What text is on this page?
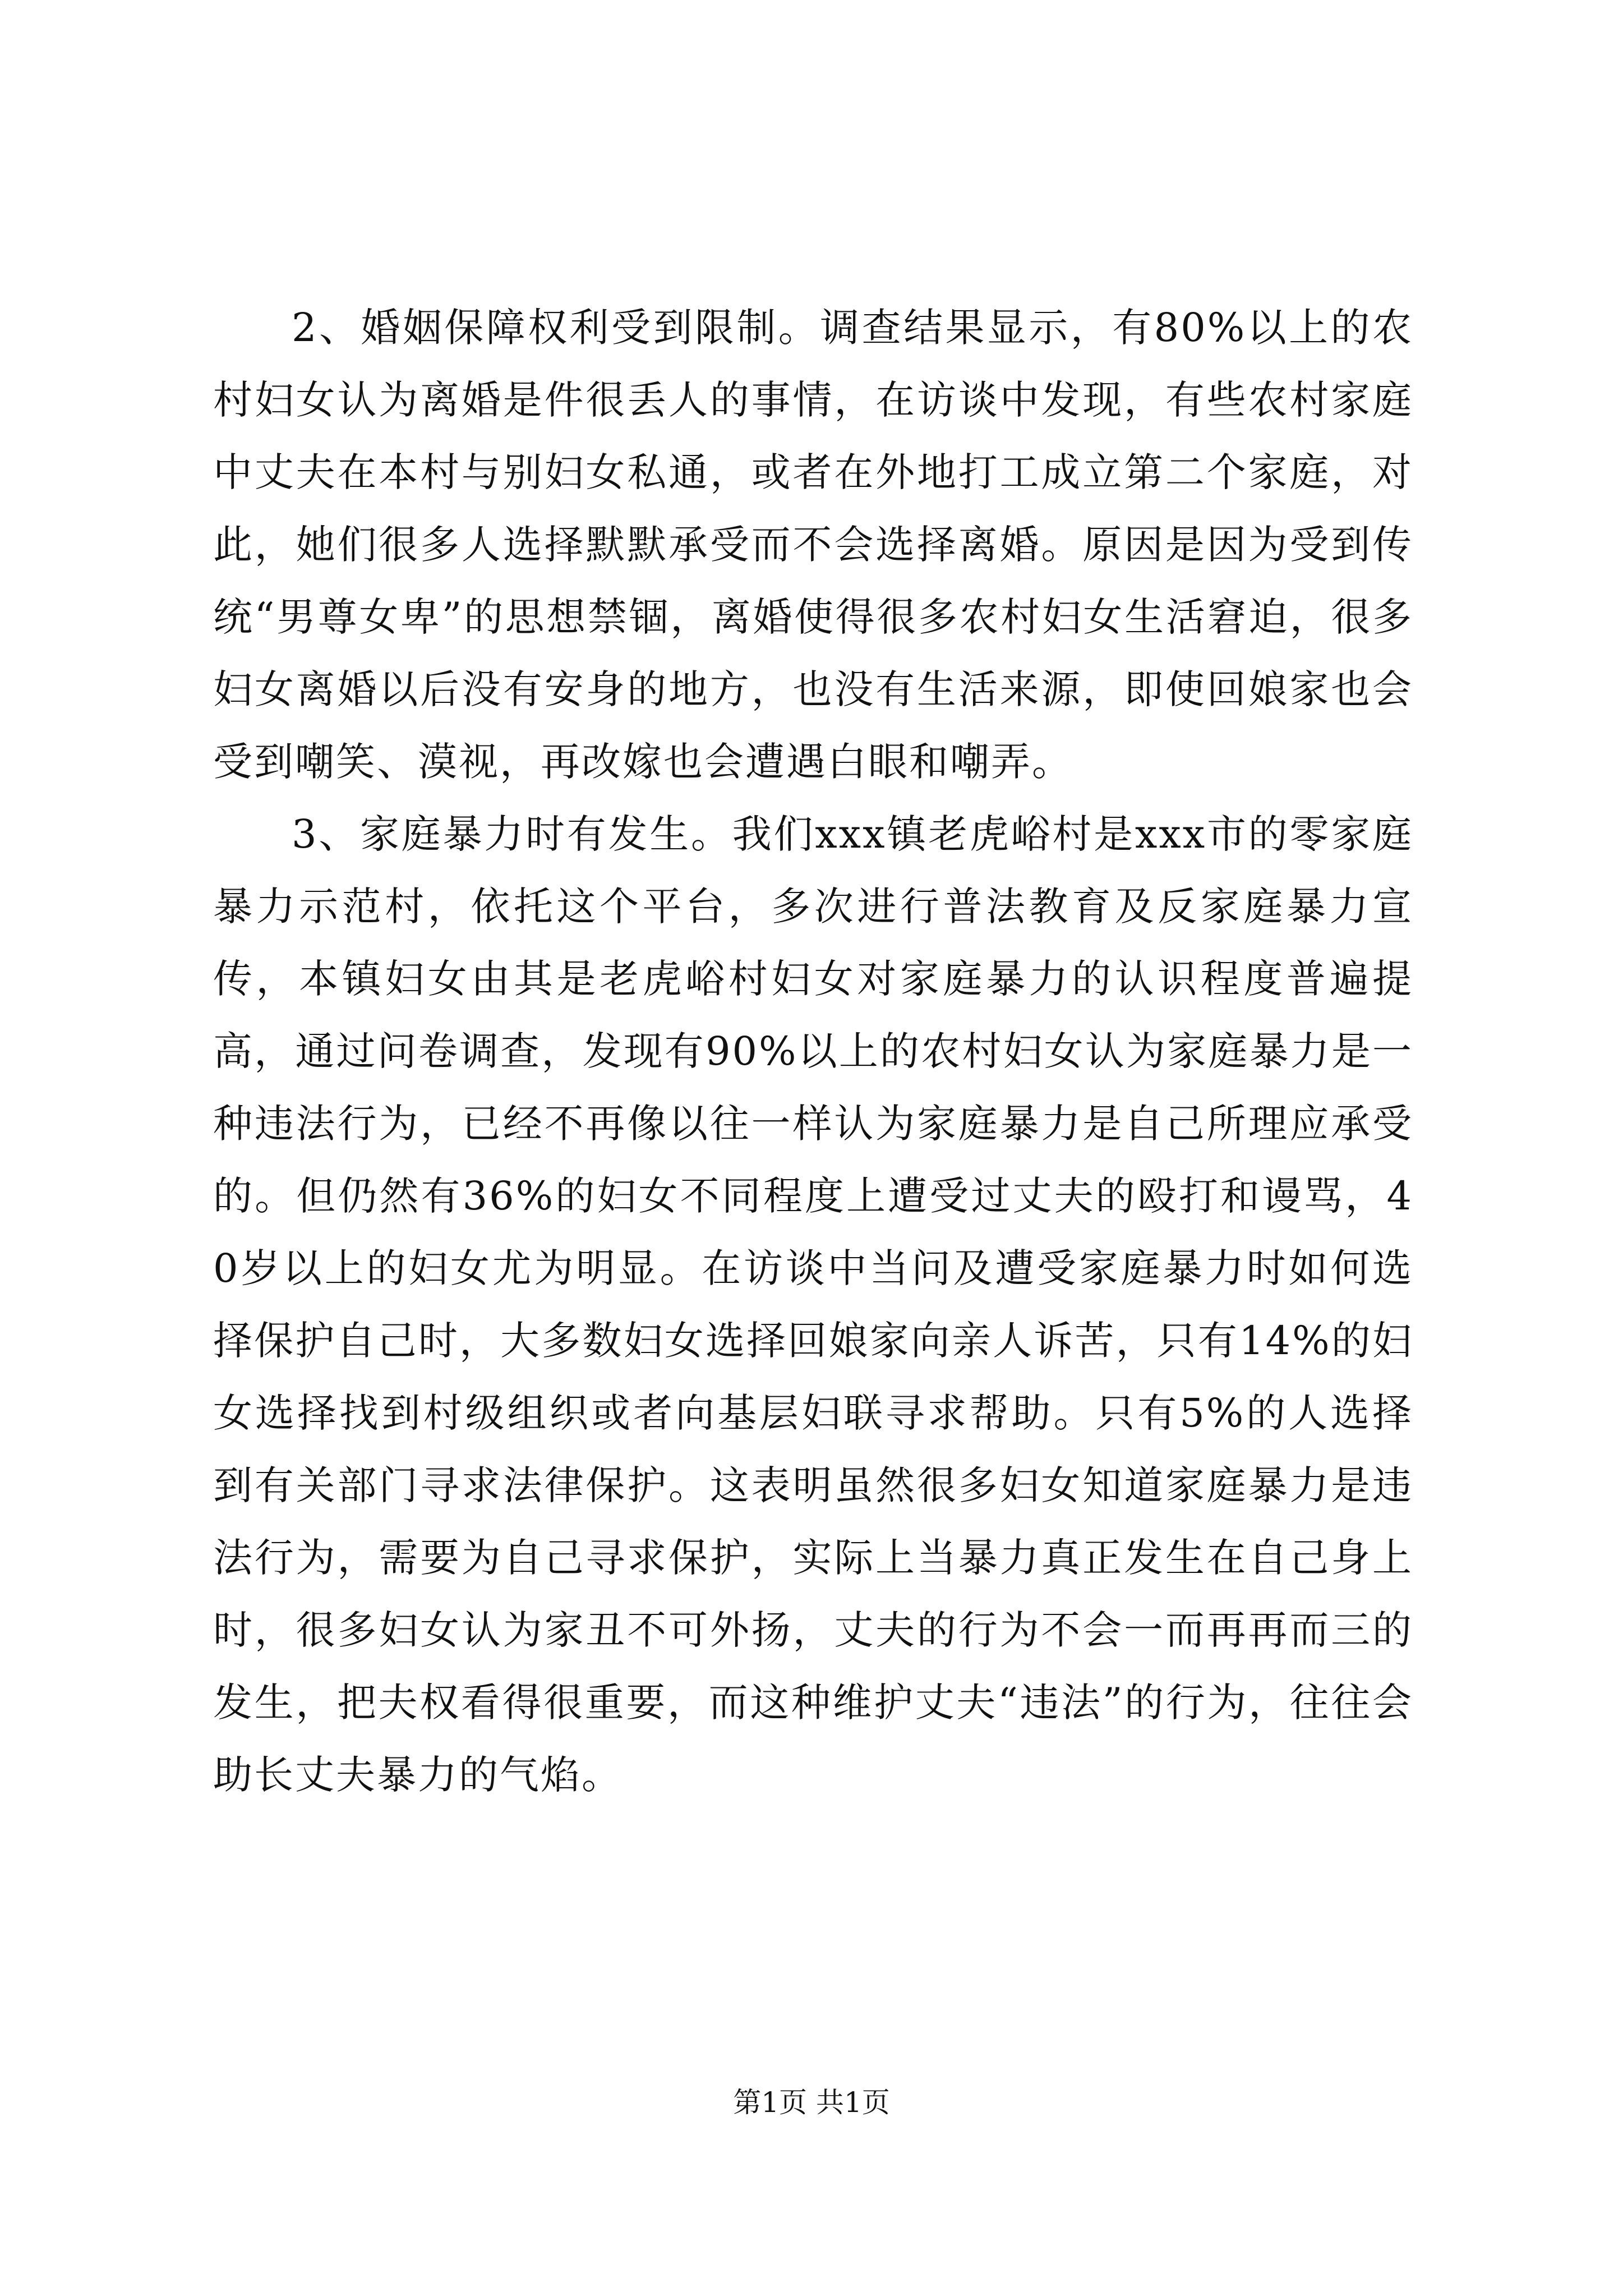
2、婚姻保障权利受到限制。调查结果显示，有80%以上的农村妇女认为离婚是件很丢人的事情，在访谈中发现，有些农村家庭中丈夫在本村与别妇女私通，或者在外地打工成立第二个家庭，对此，她们很多人选择默默承受而不会选择离婚。原因是因为受到传统“男尊女卑”的思想禁锢，离婚使得很多农村妇女生活窘迫，很多妇女离婚以后没有安身的地方，也没有生活来源，即使回娘家也会受到嘲笑、漠视，再改嫁也会遭遇白眼和嘲弄。

3、家庭暴力时有发生。我们xxx镇老虎峪村是xxx市的零家庭暴力示范村，依托这个平台，多次进行普法教育及反家庭暴力宣传，本镇妇女由其是老虎峪村妇女对家庭暴力的认识程度普遍提高，通过问卷调查，发现有90%以上的农村妇女认为家庭暴力是一种违法行为，已经不再像以往一样认为家庭暴力是自己所理应承受的。但仍然有36%的妇女不同程度上遭受过丈夫的殴打和谩骂，40岁以上的妇女尤为明显。在访谈中当问及遭受家庭暴力时如何选择保护自己时，大多数妇女选择回娘家向亲人诉苦，只有14%的妇女选择找到村级组织或者向基层妇联寻求帮助。只有5%的人选择到有关部门寻求法律保护。这表明虽然很多妇女知道家庭暴力是违法行为，需要为自己寻求保护，实际上当暴力真正发生在自己身上时，很多妇女认为家丑不可外扬，丈夫的行为不会一而再再而三的发生，把夫权看得很重要，而这种维护丈夫“违法”的行为，往往会助长丈夫暴力的气焰。

第1页 共1页
